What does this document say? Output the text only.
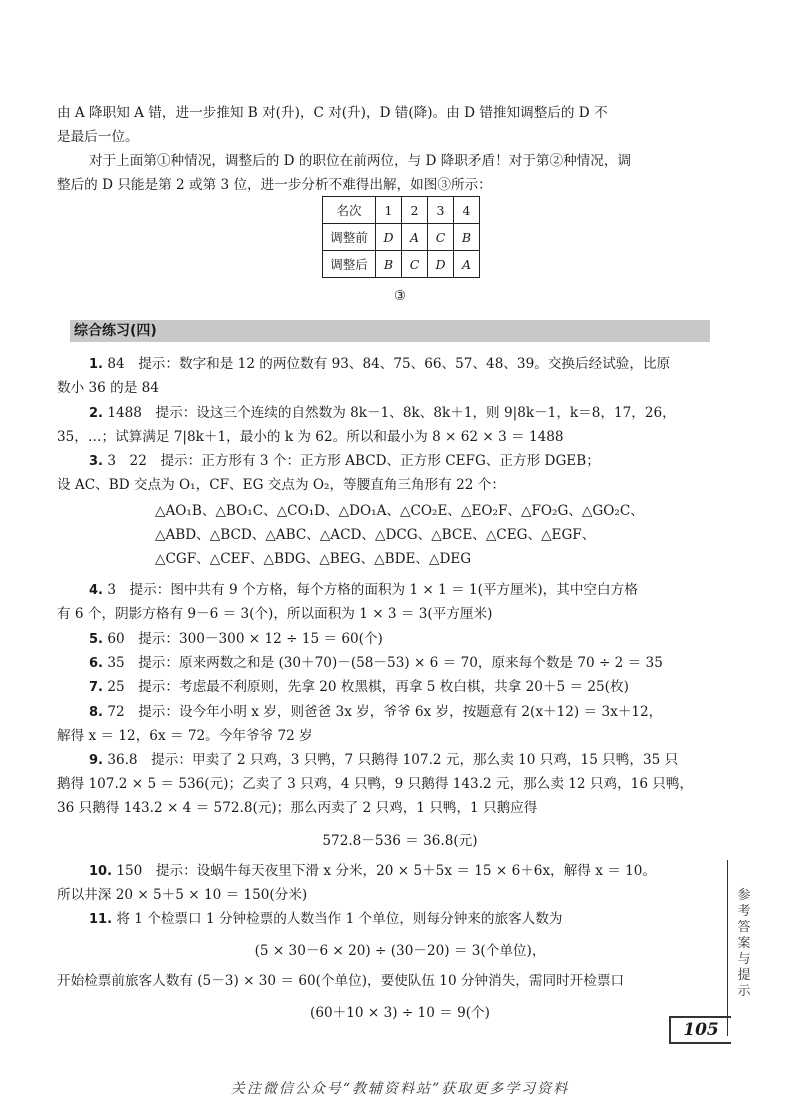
由 A 降职知 A 错，进一步推知 B 对(升)，C 对(升)，D 错(降)。由 D 错推知调整后的 D 不
是最后一位。
对于上面第①种情况，调整后的 D 的职位在前两位，与 D 降职矛盾！对于第②种情况，调
整后的 D 只能是第 2 或第 3 位，进一步分析不难得出解，如图③所示：
名次	1	2	3	4
调整前	D	A	C	B
调整后	B	C	D	A
③
综合练习(四)
1. 84　提示：数字和是 12 的两位数有 93、84、75、66、57、48、39。交换后经试验，比原
数小 36 的是 84
2. 1488　提示：设这三个连续的自然数为 8k－1、8k、8k＋1，则 9|8k－1，k＝8，17，26，
35，…；试算满足 7|8k＋1，最小的 k 为 62。所以和最小为 8 × 62 × 3 ＝ 1488
3. 3　22　提示：正方形有 3 个：正方形 ABCD、正方形 CEFG、正方形 DGEB；
设 AC、BD 交点为 O₁，CF、EG 交点为 O₂，等腰直角三角形有 22 个：
△AO₁B、△BO₁C、△CO₁D、△DO₁A、△CO₂E、△EO₂F、△FO₂G、△GO₂C、
△ABD、△BCD、△ABC、△ACD、△DCG、△BCE、△CEG、△EGF、
△CGF、△CEF、△BDG、△BEG、△BDE、△DEG
4. 3　提示：图中共有 9 个方格，每个方格的面积为 1 × 1 ＝ 1(平方厘米)，其中空白方格
有 6 个，阴影方格有 9－6 ＝ 3(个)，所以面积为 1 × 3 ＝ 3(平方厘米)
5. 60　提示：300－300 × 12 ÷ 15 ＝ 60(个)
6. 35　提示：原来两数之和是 (30＋70)－(58－53) × 6 ＝ 70，原来每个数是 70 ÷ 2 ＝ 35
7. 25　提示：考虑最不利原则，先拿 20 枚黑棋，再拿 5 枚白棋，共拿 20＋5 ＝ 25(枚)
8. 72　提示：设今年小明 x 岁，则爸爸 3x 岁，爷爷 6x 岁，按题意有 2(x＋12) ＝ 3x＋12，
解得 x ＝ 12，6x ＝ 72。今年爷爷 72 岁
9. 36.8　提示：甲卖了 2 只鸡，3 只鸭，7 只鹅得 107.2 元，那么卖 10 只鸡，15 只鸭，35 只
鹅得 107.2 × 5 ＝ 536(元)；乙卖了 3 只鸡，4 只鸭，9 只鹅得 143.2 元，那么卖 12 只鸡，16 只鸭，
36 只鹅得 143.2 × 4 ＝ 572.8(元)；那么丙卖了 2 只鸡，1 只鸭，1 只鹅应得
572.8－536 ＝ 36.8(元)
10. 150　提示：设蜗牛每天夜里下滑 x 分米，20 × 5＋5x ＝ 15 × 6＋6x，解得 x ＝ 10。
所以井深 20 × 5＋5 × 10 ＝ 150(分米)
11. 将 1 个检票口 1 分钟检票的人数当作 1 个单位，则每分钟来的旅客人数为
(5 × 30－6 × 20) ÷ (30－20) ＝ 3(个单位)，
开始检票前旅客人数有 (5－3) × 30 ＝ 60(个单位)，要使队伍 10 分钟消失，需同时开检票口
(60＋10 × 3) ÷ 10 ＝ 9(个)
参考答案与提示
105
关注微信公众号“教辅资料站”获取更多学习资料
